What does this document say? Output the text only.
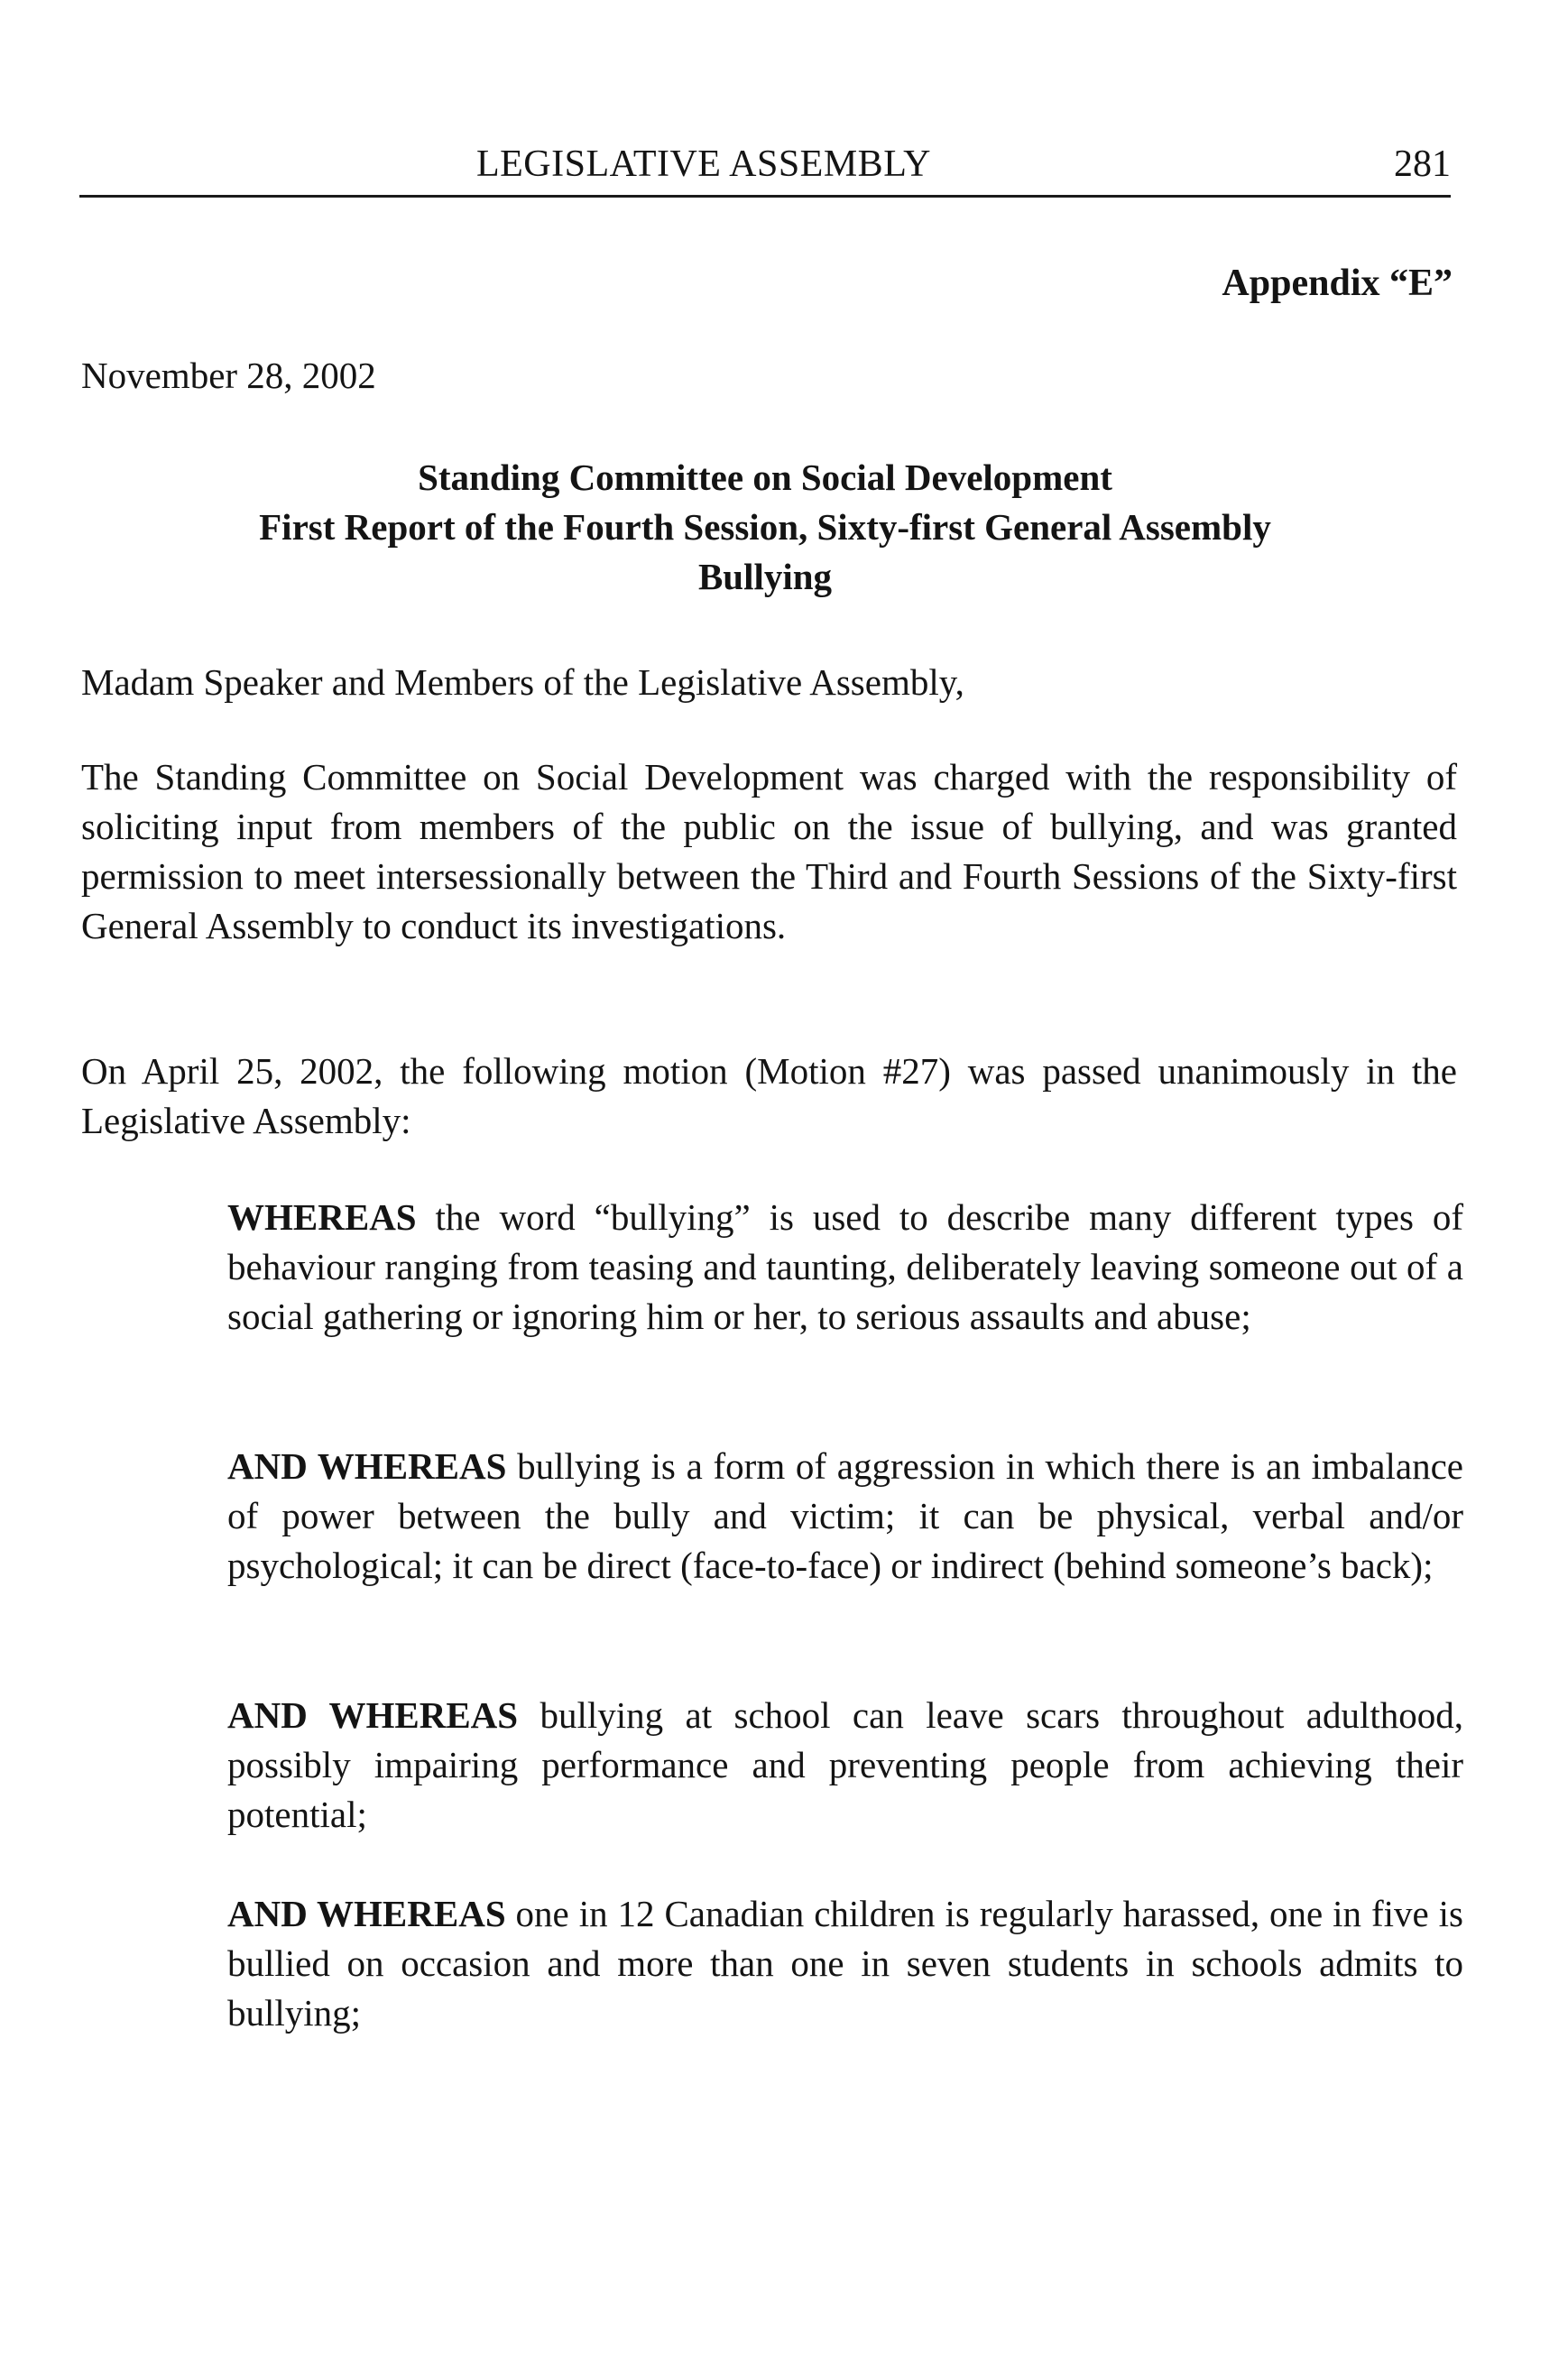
LEGISLATIVE ASSEMBLY	281
Appendix “E”
November 28, 2002
Standing Committee on Social Development
First Report of the Fourth Session, Sixty-first General Assembly
Bullying
Madam Speaker and Members of the Legislative Assembly,
The Standing Committee on Social Development was charged with the responsibility of soliciting input from members of the public on the issue of bullying, and was granted permission to meet intersessionally between the Third and Fourth Sessions of the Sixty-first General Assembly to conduct its investigations.
On April 25, 2002, the following motion (Motion #27) was passed unanimously in the Legislative Assembly:
WHEREAS the word “bullying” is used to describe many different types of behaviour ranging from teasing and taunting, deliberately leaving someone out of a social gathering or ignoring him or her, to serious assaults and abuse;
AND WHEREAS bullying is a form of aggression in which there is an imbalance of power between the bully and victim; it can be physical, verbal and/or psychological; it can be direct (face-to-face) or indirect (behind someone’s back);
AND WHEREAS bullying at school can leave scars throughout adulthood, possibly impairing performance and preventing people from achieving their potential;
AND WHEREAS one in 12 Canadian children is regularly harassed, one in five is bullied on occasion and more than one in seven students in schools admits to bullying;
